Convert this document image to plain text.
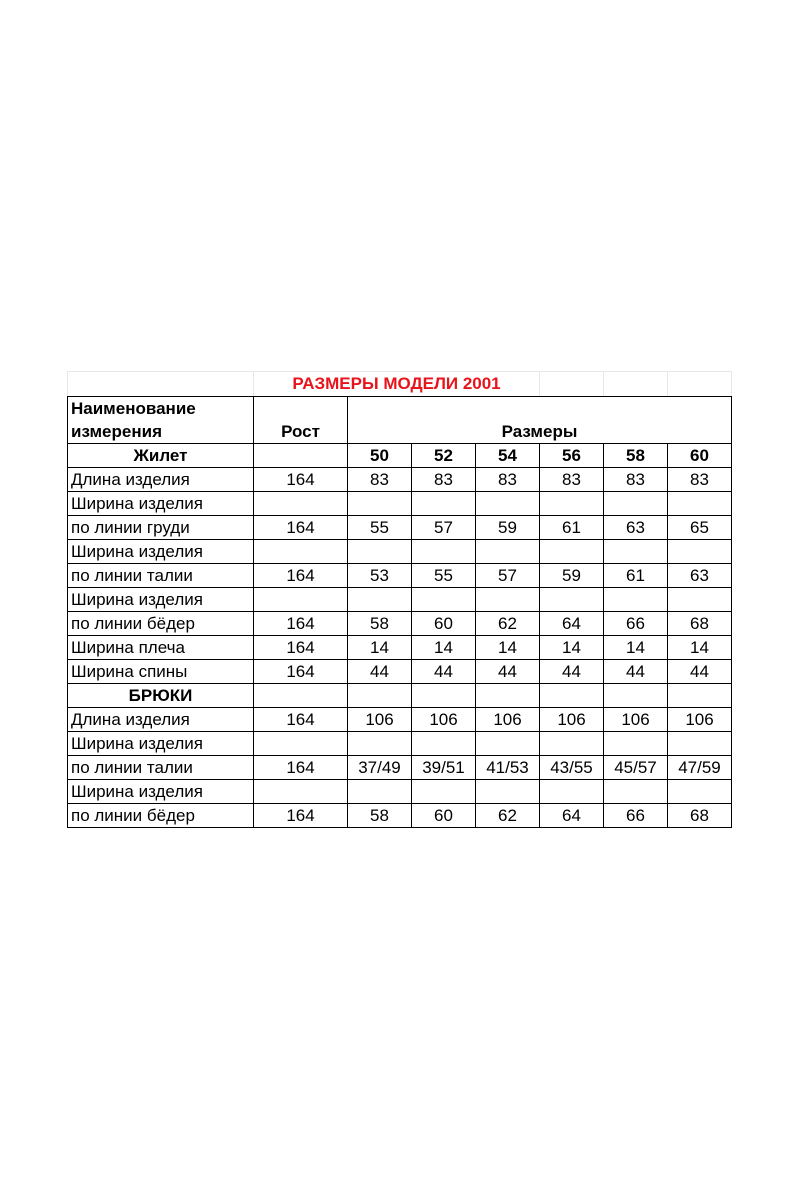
	РАЗМЕРЫ МОДЕЛИ 2001						
Наименование	Рост	Размеры					
измерения							
Жилет		50	52	54	56	58	60
Длина изделия	164	83	83	83	83	83	83
Ширина изделия							
по линии груди	164	55	57	59	61	63	65
Ширина изделия							
по линии талии	164	53	55	57	59	61	63
Ширина изделия							
по линии бёдер	164	58	60	62	64	66	68
Ширина плеча	164	14	14	14	14	14	14
Ширина спины	164	44	44	44	44	44	44
БРЮКИ							
Длина изделия	164	106	106	106	106	106	106
Ширина изделия							
по линии талии	164	37/49	39/51	41/53	43/55	45/57	47/59
Ширина изделия							
по линии бёдер	164	58	60	62	64	66	68
